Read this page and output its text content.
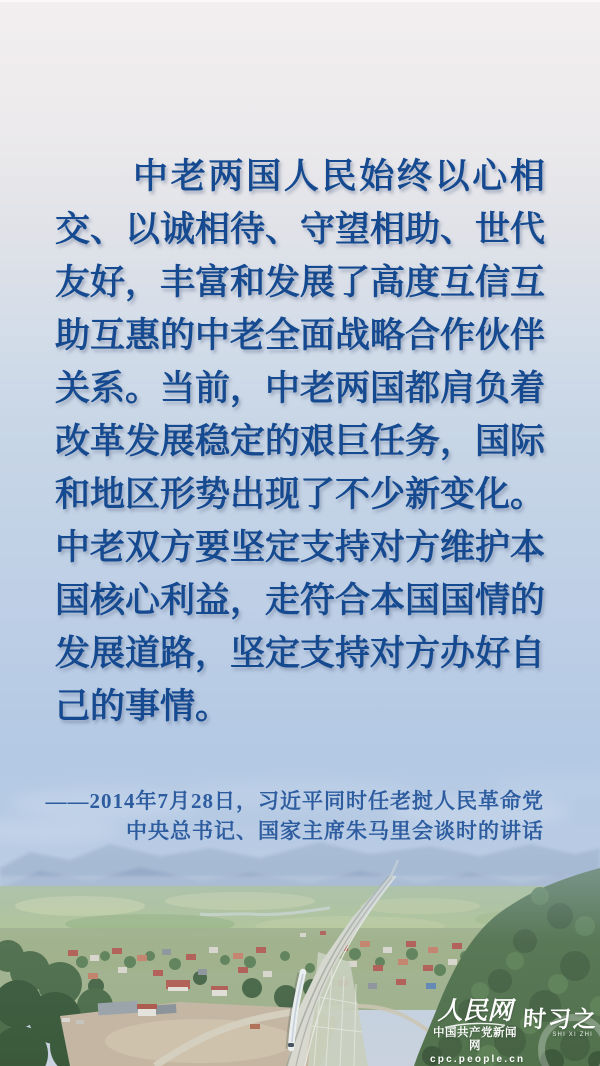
中老两国人民始终以心相
交、以诚相待、守望相助、世代
友好，丰富和发展了高度互信互
助互惠的中老全面战略合作伙伴
关系。当前，中老两国都肩负着
改革发展稳定的艰巨任务，国际
和地区形势出现了不少新变化。
中老双方要坚定支持对方维护本
国核心利益，走符合本国国情的
发展道路，坚定支持对方办好自
己的事情。
——2014年7月28日，习近平同时任老挝人民革命党
中央总书记、国家主席朱马里会谈时的讲话
人民网
中国共产党新闻网
cpc.people.cn
时习之
SHI XI ZHI
